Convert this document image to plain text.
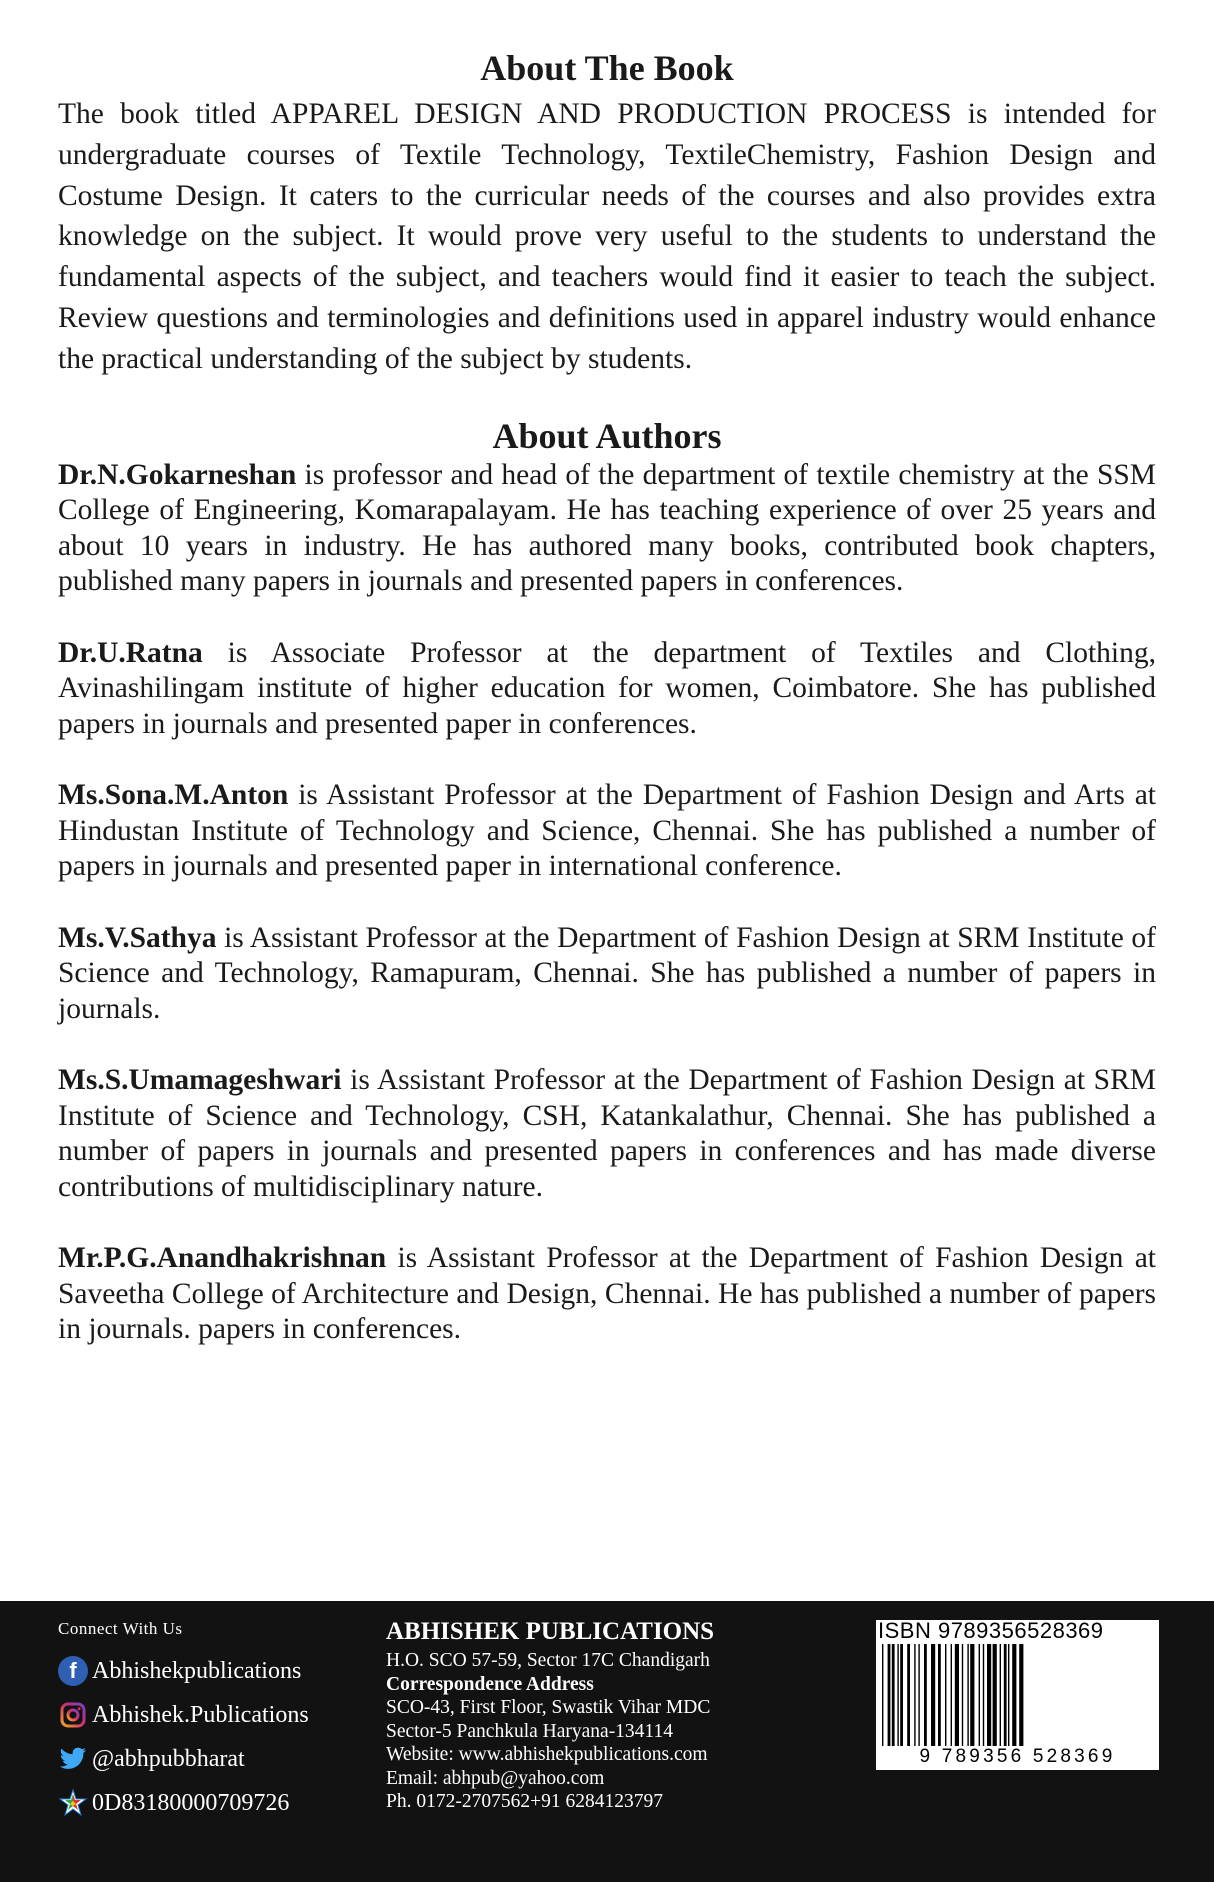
About The Book

The book titled APPAREL DESIGN AND PRODUCTION PROCESS is intended for undergraduate courses of Textile Technology, TextileChemistry, Fashion Design and Costume Design. It caters to the curricular needs of the courses and also provides extra knowledge on the subject. It would prove very useful to the students to understand the fundamental aspects of the subject, and teachers would find it easier to teach the subject. Review questions and terminologies and definitions used in apparel industry would enhance the practical understanding of the subject by students.

About Authors

Dr.N.Gokarneshan is professor and head of the department of textile chemistry at the SSM College of Engineering, Komarapalayam. He has teaching experience of over 25 years and about 10 years in industry. He has authored many books, contributed book chapters, published many papers in journals and presented papers in conferences.

Dr.U.Ratna is Associate Professor at the department of Textiles and Clothing, Avinashilingam institute of higher education for women, Coimbatore. She has published papers in journals and presented paper in conferences.

Ms.Sona.M.Anton is Assistant Professor at the Department of Fashion Design and Arts at Hindustan Institute of Technology and Science, Chennai. She has published a number of papers in journals and presented paper in international conference.

Ms.V.Sathya is Assistant Professor at the Department of Fashion Design at SRM Institute of Science and Technology, Ramapuram, Chennai. She has published a number of papers in journals.

Ms.S.Umamageshwari is Assistant Professor at the Department of Fashion Design at SRM Institute of Science and Technology, CSH, Katankalathur, Chennai. She has published a number of papers in journals and presented papers in conferences and has made diverse contributions of multidisciplinary nature.

Mr.P.G.Anandhakrishnan is Assistant Professor at the Department of Fashion Design at Saveetha College of Architecture and Design, Chennai. He has published a number of papers in journals. papers in conferences.

Connect With Us
f Abhishekpublications
Abhishek.Publications
@abhpubbharat
0D83180000709726
ABHISHEK PUBLICATIONS
H.O. SCO 57-59, Sector 17C Chandigarh
Correspondence Address
SCO-43, First Floor, Swastik Vihar MDC
Sector-5 Panchkula Haryana-134114
Website: www.abhishekpublications.com
Email: abhpub@yahoo.com
Ph. 0172-2707562+91 6284123797
ISBN 9789356528369
9 789356 528369
